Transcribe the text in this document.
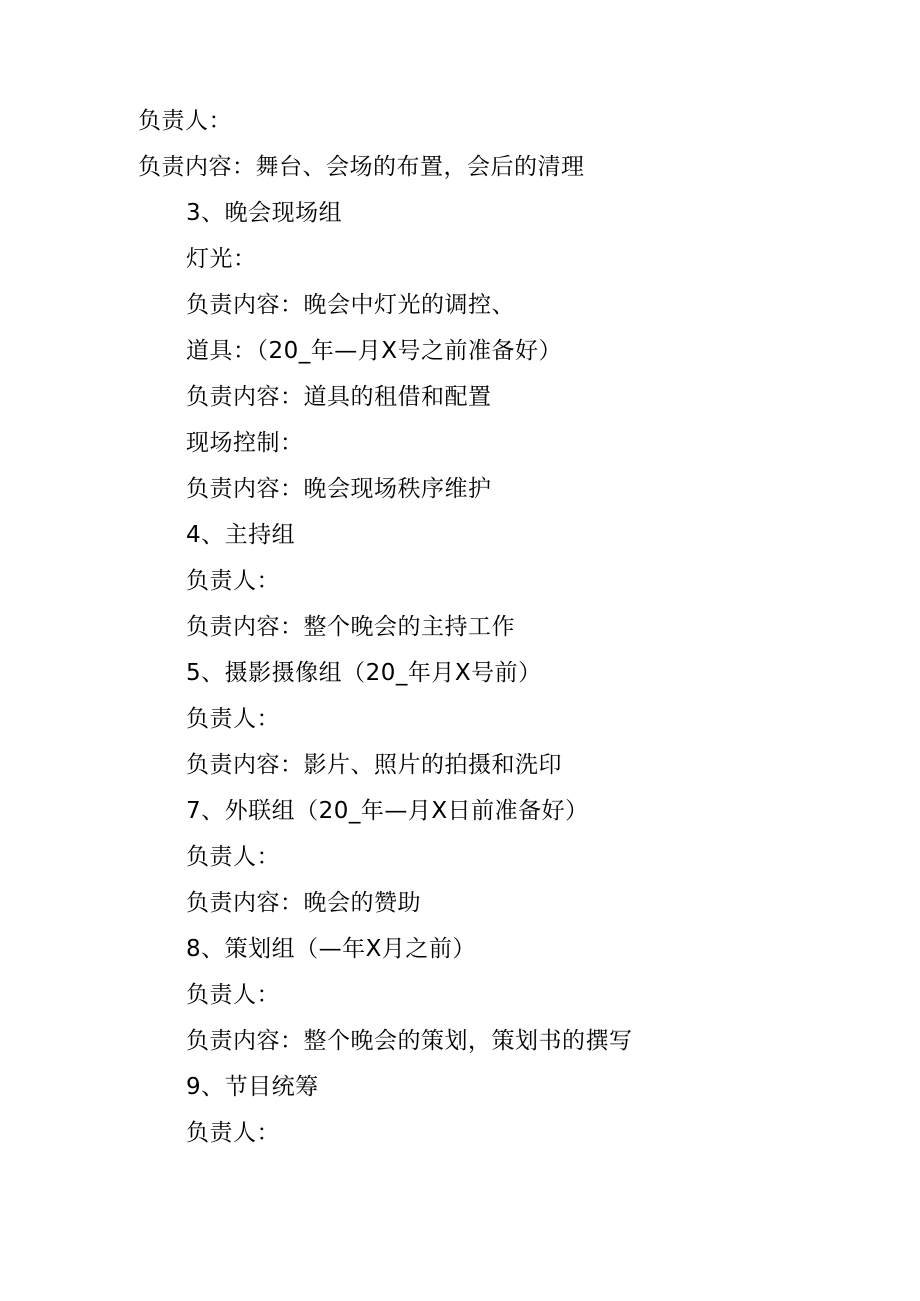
负责人：
负责内容：舞台、会场的布置，会后的清理
3、晚会现场组
灯光：
负责内容：晚会中灯光的调控、
道具：（20_年—月X号之前准备好）
负责内容：道具的租借和配置
现场控制：
负责内容：晚会现场秩序维护
4、主持组
负责人：
负责内容：整个晚会的主持工作
5、摄影摄像组（20_年月X号前）
负责人：
负责内容：影片、照片的拍摄和洗印
7、外联组（20_年—月X日前准备好）
负责人：
负责内容：晚会的赞助
8、策划组（—年X月之前）
负责人：
负责内容：整个晚会的策划，策划书的撰写
9、节目统筹
负责人：
